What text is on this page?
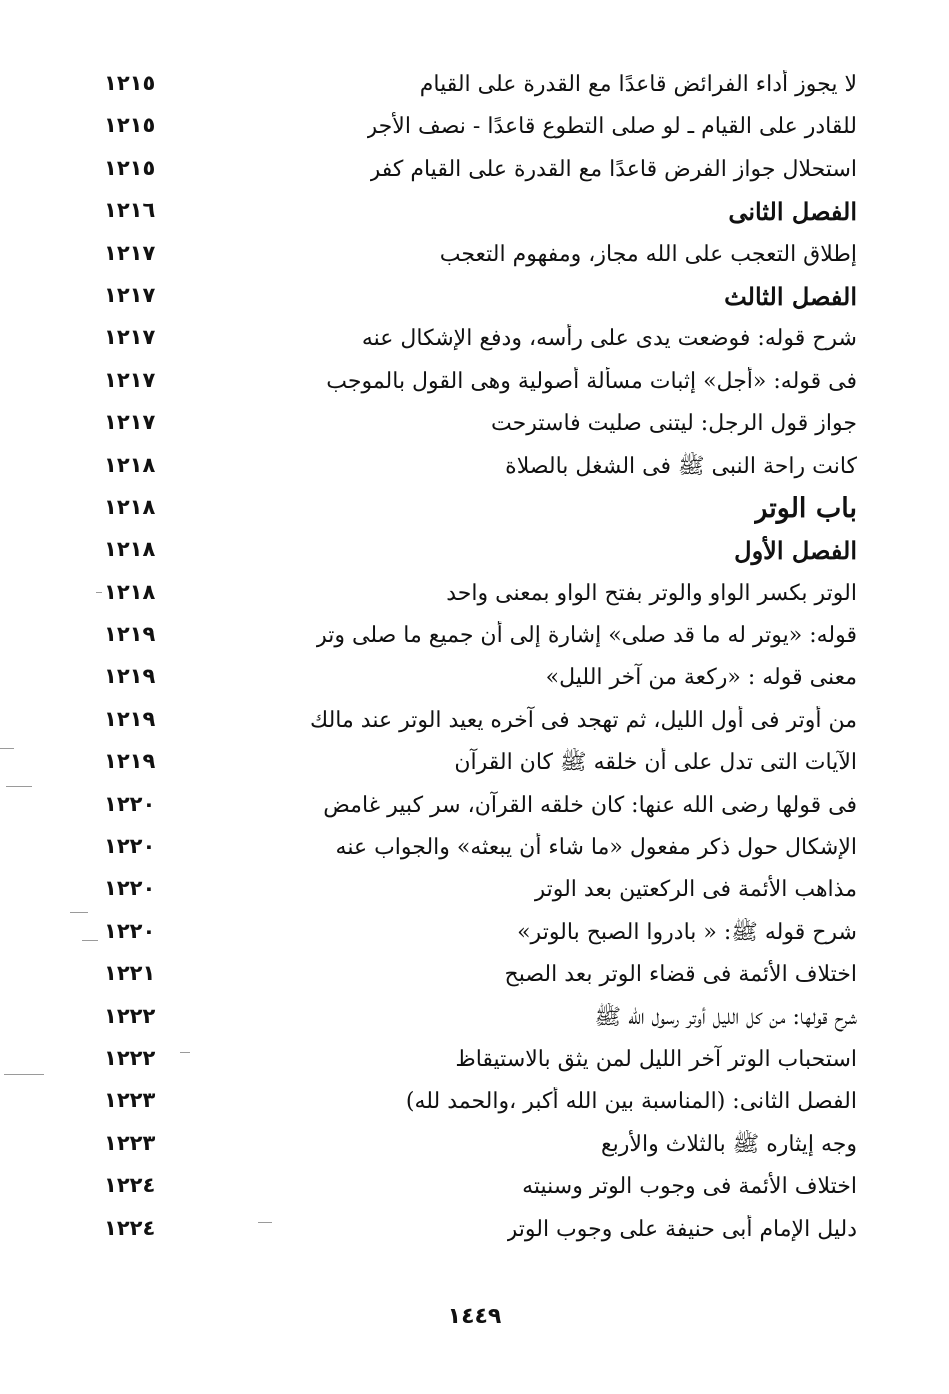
لا يجوز أداء الفرائض قاعدًا مع القدرة على القيام
١٢١٥
للقادر على القيام ـ لو صلى التطوع قاعدًا - نصف الأجر
١٢١٥
استحلال جواز الفرض قاعدًا مع القدرة على القيام كفر
١٢١٥
الفصل الثانى
١٢١٦
إطلاق التعجب على الله مجاز، ومفهوم التعجب
١٢١٧
الفصل الثالث
١٢١٧
شرح قوله: فوضعت يدى على رأسه، ودفع الإشكال عنه
١٢١٧
فى قوله: «أجل» إثبات مسألة أصولية وهى القول بالموجب
١٢١٧
جواز قول الرجل: ليتنى صليت فاسترحت
١٢١٧
كانت راحة النبى ﷺ فى الشغل بالصلاة
١٢١٨
باب الوتر
١٢١٨
الفصل الأول
١٢١٨
الوتر بكسر الواو والوتر بفتح الواو بمعنى واحد
١٢١٨
قوله: «يوتر له ما قد صلى» إشارة إلى أن جميع ما صلى وتر
١٢١٩
معنى قوله : «ركعة من آخر الليل»
١٢١٩
من أوتر فى أول الليل، ثم تهجد فى آخره يعيد الوتر عند مالك
١٢١٩
الآيات التى تدل على أن خلقه ﷺ كان القرآن
١٢١٩
فى قولها رضى الله عنها: كان خلقه القرآن، سر كبير غامض
١٢٢٠
الإشكال حول ذكر مفعول «ما شاء أن يبعثه» والجواب عنه
١٢٢٠
مذاهب الأئمة فى الركعتين بعد الوتر
١٢٢٠
شرح قوله ﷺ: « بادروا الصبح بالوتر»
١٢٢٠
اختلاف الأئمة فى قضاء الوتر بعد الصبح
١٢٢١
شرح قولها: من كل الليل أوتر رسول الله ﷺ
١٢٢٢
استحباب الوتر آخر الليل لمن يثق بالاستيقاظ
١٢٢٢
الفصل الثانى: (المناسبة بين الله أكبر ،والحمد لله)
١٢٢٣
وجه إيثاره ﷺ بالثلاث والأربع
١٢٢٣
اختلاف الأئمة فى وجوب الوتر وسنيته
١٢٢٤
دليل الإمام أبى حنيفة على وجوب الوتر
١٢٢٤
١٤٤٩
